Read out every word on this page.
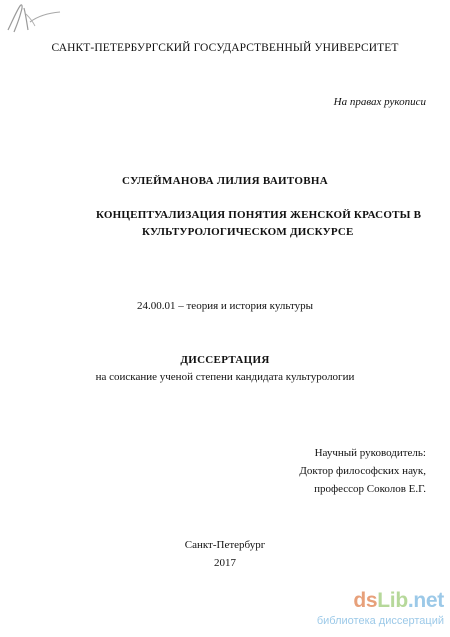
САНКТ-ПЕТЕРБУРГСКИЙ ГОСУДАРСТВЕННЫЙ УНИВЕРСИТЕТ
На правах рукописи
СУЛЕЙМАНОВА ЛИЛИЯ ВАИТОВНА
КОНЦЕПТУАЛИЗАЦИЯ ПОНЯТИЯ ЖЕНСКОЙ КРАСОТЫ В
КУЛЬТУРОЛОГИЧЕСКОМ ДИСКУРСЕ
24.00.01 – теория и история культуры
ДИССЕРТАЦИЯ
на соискание ученой степени кандидата культурологии
Научный руководитель:
Доктор философских наук,
профессор Соколов Е.Г.
Санкт-Петербург
2017
dsLib.net
библиотека диссертаций
